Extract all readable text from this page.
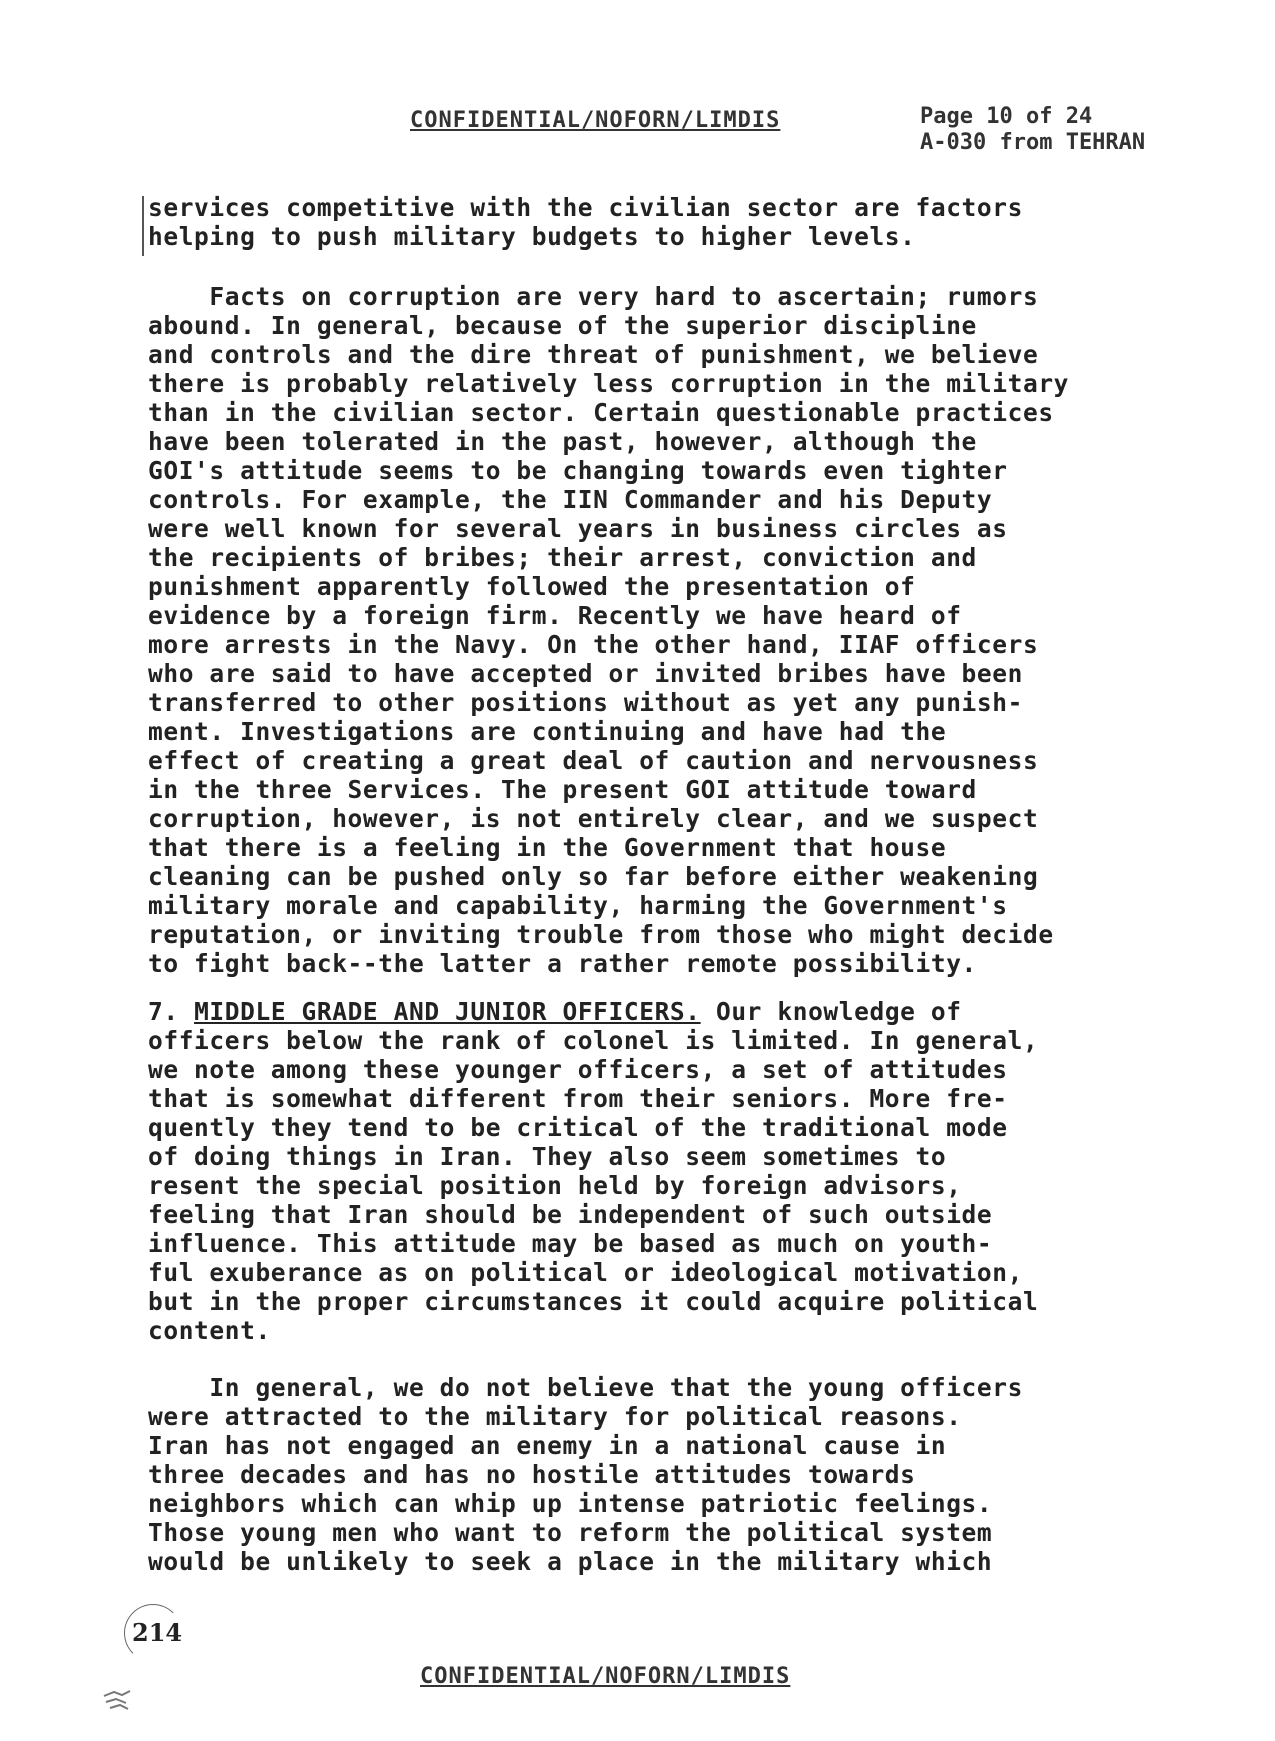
CONFIDENTIAL/NOFORN/LIMDIS	Page 10 of 24
A-030 from TEHRAN
services competitive with the civilian sector are factors
helping to push military budgets to higher levels.
Facts on corruption are very hard to ascertain; rumors
abound. In general, because of the superior discipline
and controls and the dire threat of punishment, we believe
there is probably relatively less corruption in the military
than in the civilian sector. Certain questionable practices
have been tolerated in the past, however, although the
GOI's attitude seems to be changing towards even tighter
controls. For example, the IIN Commander and his Deputy
were well known for several years in business circles as
the recipients of bribes; their arrest, conviction and
punishment apparently followed the presentation of
evidence by a foreign firm. Recently we have heard of
more arrests in the Navy. On the other hand, IIAF officers
who are said to have accepted or invited bribes have been
transferred to other positions without as yet any punish-
ment. Investigations are continuing and have had the
effect of creating a great deal of caution and nervousness
in the three Services. The present GOI attitude toward
corruption, however, is not entirely clear, and we suspect
that there is a feeling in the Government that house
cleaning can be pushed only so far before either weakening
military morale and capability, harming the Government's
reputation, or inviting trouble from those who might decide
to fight back--the latter a rather remote possibility.
7. MIDDLE GRADE AND JUNIOR OFFICERS. Our knowledge of
officers below the rank of colonel is limited. In general,
we note among these younger officers, a set of attitudes
that is somewhat different from their seniors. More fre-
quently they tend to be critical of the traditional mode
of doing things in Iran. They also seem sometimes to
resent the special position held by foreign advisors,
feeling that Iran should be independent of such outside
influence. This attitude may be based as much on youth-
ful exuberance as on political or ideological motivation,
but in the proper circumstances it could acquire political
content.
In general, we do not believe that the young officers
were attracted to the military for political reasons.
Iran has not engaged an enemy in a national cause in
three decades and has no hostile attitudes towards
neighbors which can whip up intense patriotic feelings.
Those young men who want to reform the political system
would be unlikely to seek a place in the military which
214
CONFIDENTIAL/NOFORN/LIMDIS
